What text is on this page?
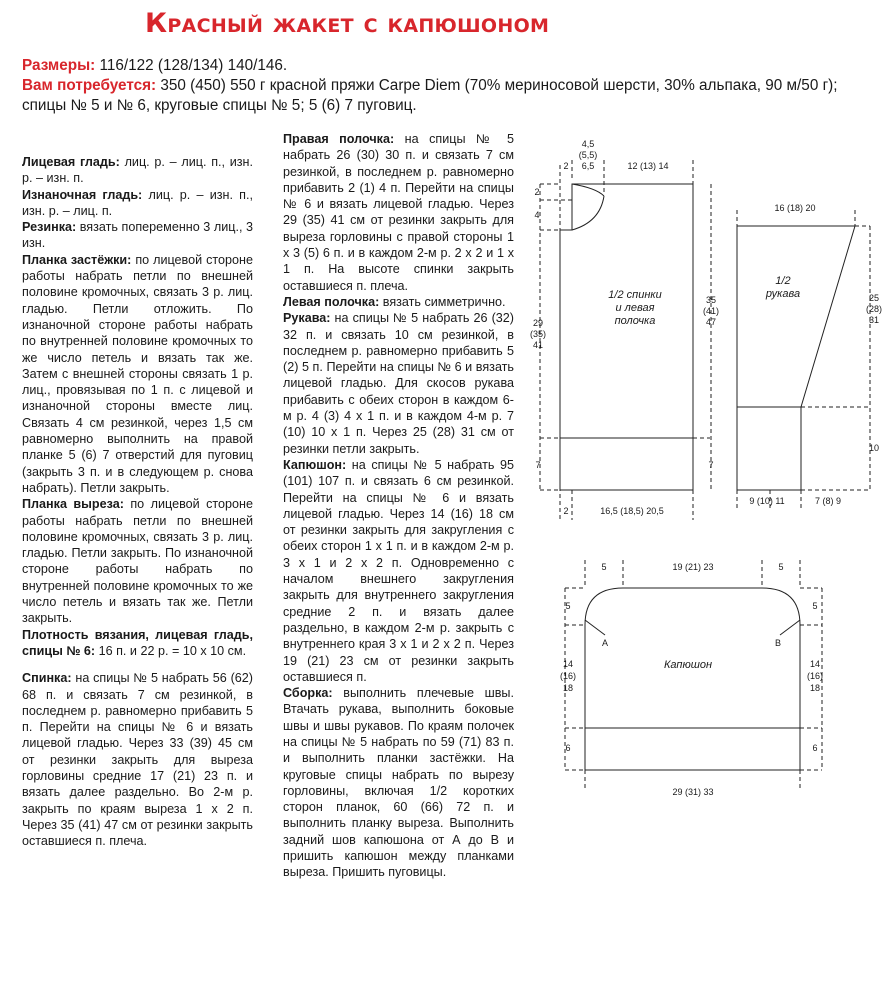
Красный жакет с капюшоном
Размеры: 116/122 (128/134) 140/146.
Вам потребуется: 350 (450) 550 г красной пряжи Carpe Diem (70% мериносовой шерсти, 30% альпака, 90 м/50 г); спицы № 5 и № 6, круговые спицы № 5; 5 (6) 7 пуговиц.

Лицевая гладь: лиц. р. – лиц. п., изн. р. – изн. п.

Изнаночная гладь: лиц. р. – изн. п., изн. р. – лиц. п.

Резинка: вязать попеременно 3 лиц., 3 изн.

Планка застёжки: по лицевой стороне работы набрать петли по внешней половине кромочных, связать 3 р. лиц. гладью. Петли отложить. По изнаночной стороне работы набрать по внутренней половине кромочных то же число петель и вязать так же. Затем с внешней стороны связать 1 р. лиц., провязывая по 1 п. с лицевой и изнаночной стороны вместе лиц. Связать 4 см резинкой, через 1,5 см равномерно выполнить на правой планке 5 (6) 7 отверстий для пуговиц (закрыть 3 п. и в следующем р. снова набрать). Петли закрыть.

Планка выреза: по лицевой стороне работы набрать петли по внешней половине кромочных, связать 3 р. лиц. гладью. Петли закрыть. По изнаночной стороне работы набрать по внутренней половине кромочных то же число петель и вязать так же. Петли закрыть.

Плотность вязания, лицевая гладь, спицы № 6: 16 п. и 22 р. = 10 х 10 см.

Спинка: на спицы № 5 набрать 56 (62) 68 п. и связать 7 см резинкой, в последнем р. равномерно прибавить 5 п. Перейти на спицы № 6 и вязать лицевой гладью. Через 33 (39) 45 см от резинки закрыть для выреза горловины средние 17 (21) 23 п. и вязать далее раздельно. Во 2-м р. закрыть по краям выреза 1 х 2 п. Через 35 (41) 47 см от резинки закрыть оставшиеся п. плеча.

Правая полочка: на спицы № 5 набрать 26 (30) 30 п. и связать 7 см резинкой, в последнем р. равномерно прибавить 2 (1) 4 п. Перейти на спицы № 6 и вязать лицевой гладью. Через 29 (35) 41 см от резинки закрыть для выреза горловины с правой стороны 1 х 3 (5) 6 п. и в каждом 2-м р. 2 х 2 и 1 х 1 п. На высоте спинки закрыть оставшиеся п. плеча.

Левая полочка: вязать симметрично.

Рукава: на спицы № 5 набрать 26 (32) 32 п. и связать 10 см резинкой, в последнем р. равномерно прибавить 5 (2) 5 п. Перейти на спицы № 6 и вязать лицевой гладью. Для скосов рукава прибавить с обеих сторон в каждом 6-м р. 4 (3) 4 х 1 п. и в каждом 4-м р. 7 (10) 10 х 1 п. Через 25 (28) 31 см от резинки петли закрыть.

Капюшон: на спицы № 5 набрать 95 (101) 107 п. и связать 6 см резинкой. Перейти на спицы № 6 и вязать лицевой гладью. Через 14 (16) 18 см от резинки закрыть для закругления с обеих сторон 1 х 1 п. и в каждом 2-м р. 3 х 1 и 2 х 2 п. Одновременно с началом внешнего закругления закрыть для внутреннего закругления средние 2 п. и вязать далее раздельно, в каждом 2-м р. закрыть с внутреннего края 3 х 1 и 2 х 2 п. Через 19 (21) 23 см от резинки закрыть оставшиеся п.

Сборка: выполнить плечевые швы. Втачать рукава, выполнить боковые швы и швы рукавов. По краям полочек на спицы № 5 набрать по 59 (71) 83 п. и выполнить планки застёжки. На круговые спицы набрать по вырезу горловины, включая 1/2 коротких сторон планок, 60 (66) 72 п. и выполнить планку выреза. Выполнить задний шов капюшона от А до В и пришить капюшон между планками выреза. Пришить пуговицы.

1/2 спинки
и левая
полочка
4,5
(5,5)
6,5
2	12 (13) 14
2
4
29
(35)
41
35
(41)
47
7	7
2	16,5 (18,5) 20,5
1/2
рукава
16 (18) 20
25
(28)
31
10
9 (10) 11	7 (8) 9
Капюшон
A	B
5	19 (21) 23	5
5	5
14
(16)
18
14
(16)
18
6	6
29 (31) 33
